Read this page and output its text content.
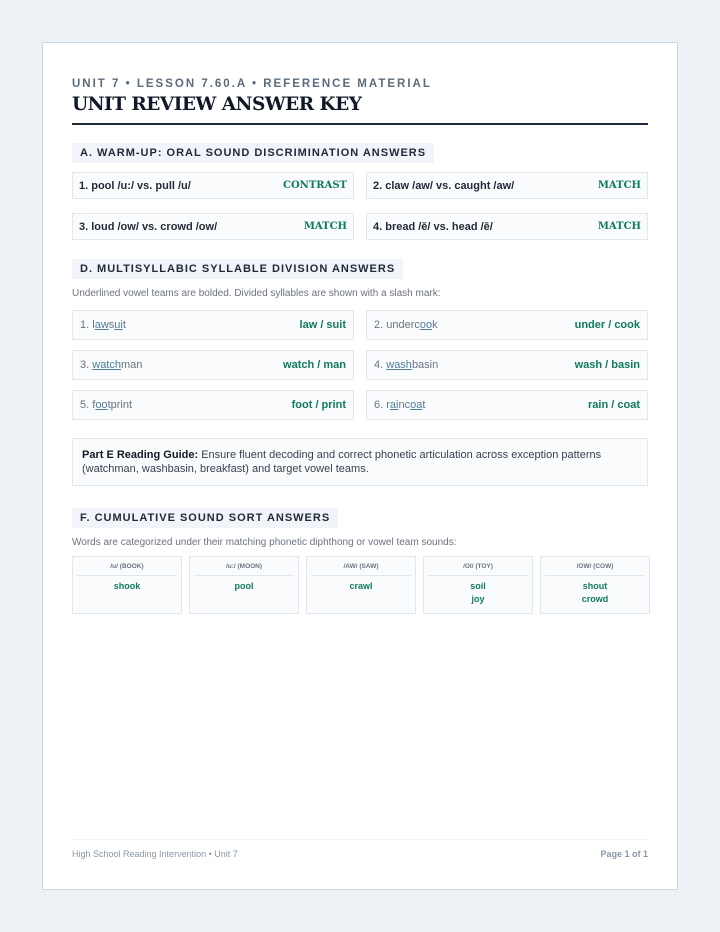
UNIT 7 • LESSON 7.60.A • REFERENCE MATERIAL
UNIT REVIEW ANSWER KEY
A. WARM-UP: ORAL SOUND DISCRIMINATION ANSWERS
1. pool /u:/ vs. pull /u/	CONTRAST 2. claw /aw/ vs. caught /aw/	MATCH
3. loud /ow/ vs. crowd /ow/	MATCH 4. bread /ĕ/ vs. head /ĕ/	MATCH
D. MULTISYLLABIC SYLLABLE DIVISION ANSWERS
Underlined vowel teams are bolded. Divided syllables are shown with a slash mark:
1. lawsuit	law / suit	2. undercook	under / cook
3. watchman	watch / man	4. washbasin	wash / basin
5. footprint	foot / print	6. raincoat	rain / coat
Part E Reading Guide: Ensure fluent decoding and correct phonetic articulation across exception patterns (watchman, washbasin, breakfast) and target vowel teams.
F. CUMULATIVE SOUND SORT ANSWERS
Words are categorized under their matching phonetic diphthong or vowel team sounds:
/ʊ/ (BOOK)
shook
/u:/ (MOON)
pool
/AW/ (SAW)
crawl
/OI/ (TOY)
soil
joy
/OW/ (COW)
shout
crowd
High School Reading Intervention • Unit 7	Page 1 of 1
